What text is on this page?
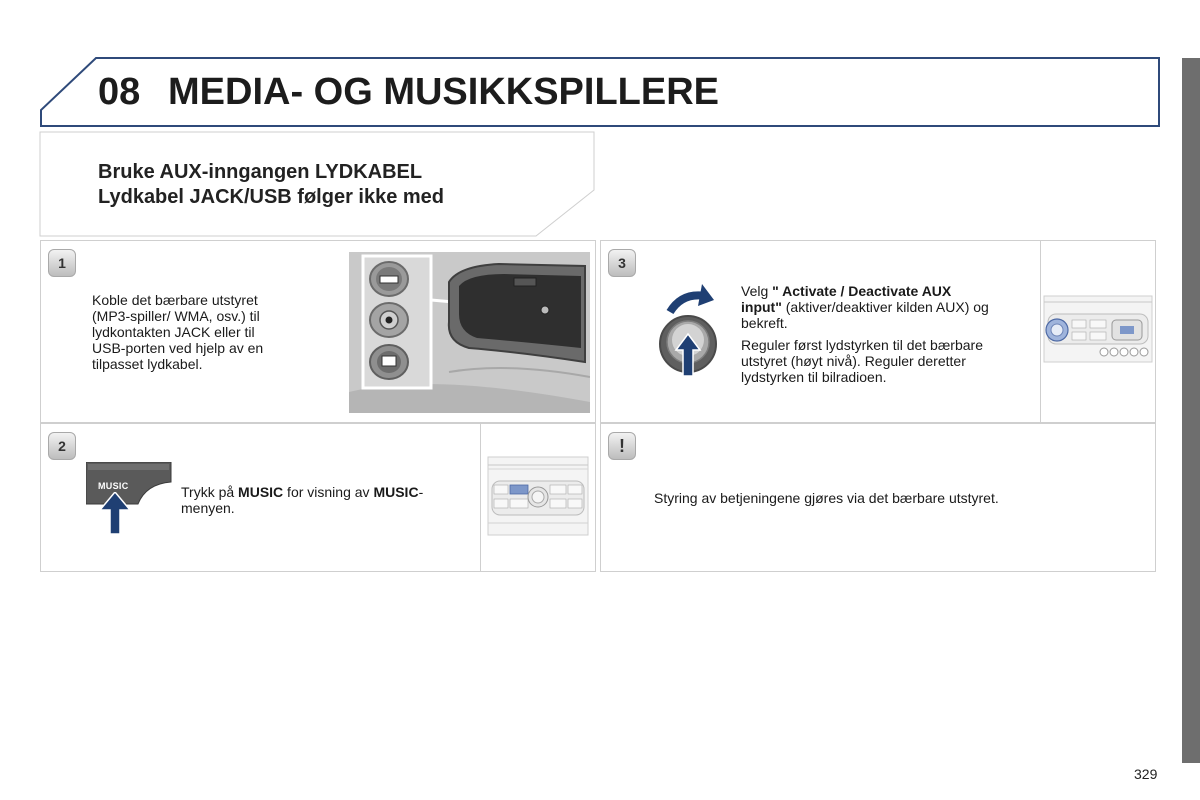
08 MEDIA- OG MUSIKKSPILLERE
Bruke AUX-inngangen LYDKABEL
Lydkabel JACK/USB følger ikke med
1
Koble det bærbare utstyret
(MP3-spiller/ WMA, osv.) til
lydkontakten JACK eller til
USB-porten ved hjelp av en
tilpasset lydkabel.
2
MUSIC	Trykk på MUSIC for visning av MUSIC-
menyen.
3
Velg " Activate / Deactivate AUX
input" (aktiver/deaktiver kilden AUX) og
bekreft.
Reguler først lydstyrken til det bærbare
utstyret (høyt nivå). Reguler deretter
lydstyrken til bilradioen.
!
Styring av betjeningene gjøres via det bærbare utstyret.
329
